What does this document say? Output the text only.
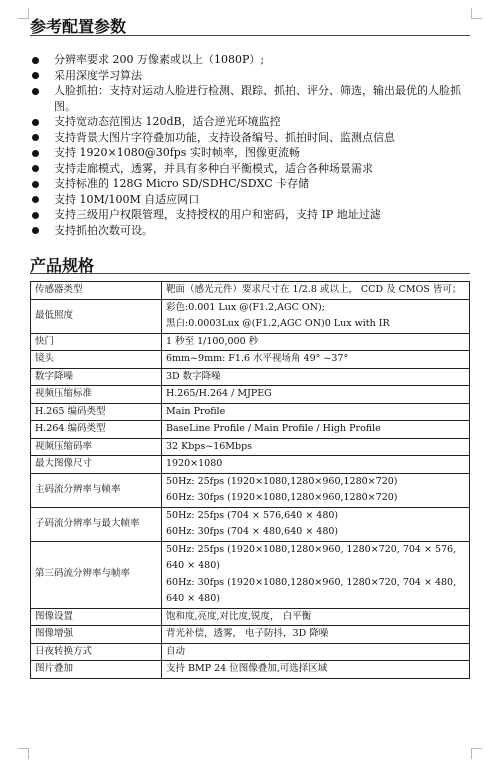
参考配置参数
分辨率要求 200 万像素或以上（1080P）;
采用深度学习算法
人脸抓拍：支持对运动人脸进行检测、跟踪、抓拍、评分、筛选，输出最优的人脸抓图。
支持宽动态范围达 120dB，适合逆光环境监控
支持背景大图片字符叠加功能，支持设备编号、抓拍时间、监测点信息
支持 1920×1080@30fps 实时帧率，图像更流畅
支持走廊模式，透雾，并具有多种白平衡模式，适合各种场景需求
支持标准的 128G Micro SD/SDHC/SDXC 卡存储
支持 10M/100M 自适应网口
支持三级用户权限管理，支持授权的用户和密码，支持 IP 地址过滤
支持抓拍次数可设。
产品规格
传感器类型	靶面（感光元件）要求尺寸在 1/2.8 或以上， CCD 及 CMOS 皆可；
最低照度	彩色:0.001 Lux @(F1.2,AGC ON);
黑白:0.0003Lux @(F1.2,AGC ON)0 Lux with IR

快门	1 秒至 1/100,000 秒
镜头	6mm~9mm: F1.6 水平视场角 49° ~37°
数字降噪	3D 数字降噪
视频压缩标准	H.265/H.264 / MJPEG
H.265 编码类型	Main Profile
H.264 编码类型	BaseLine Profile / Main Profile / High Profile
视频压缩码率	32 Kbps~16Mbps
最大图像尺寸	1920×1080
主码流分辨率与帧率	50Hz: 25fps (1920×1080,1280×960,1280×720)
60Hz: 30fps (1920×1080,1280×960,1280×720)

子码流分辨率与最大帧率	50Hz: 25fps (704 × 576,640 × 480)
60Hz: 30fps (704 × 480,640 × 480)

第三码流分辨率与帧率	50Hz: 25fps (1920×1080,1280×960, 1280×720, 704 × 576, 640 × 480)
60Hz: 30fps (1920×1080,1280×960, 1280×720, 704 × 480, 640 × 480)

图像设置	饱和度,亮度,对比度,锐度， 白平衡
图像增强	背光补偿，透雾， 电子防抖，3D 降噪
日夜转换方式	自动
图片叠加	支持 BMP 24 位图像叠加,可选择区域
